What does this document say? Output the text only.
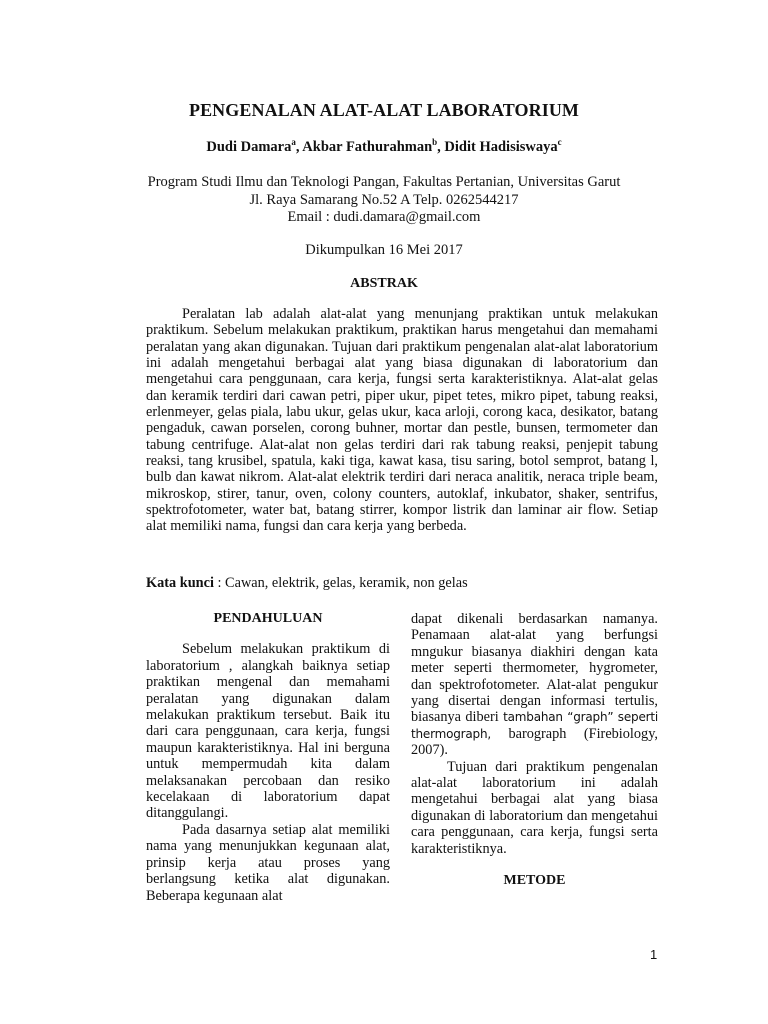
PENGENALAN ALAT-ALAT LABORATORIUM
Dudi Damara$^a$, Akbar Fathurahman$^b$, Didit Hadisiswaya$^c$
Program Studi Ilmu dan Teknologi Pangan, Fakultas Pertanian, Universitas Garut
Jl. Raya Samarang No.52 A Telp. 0262544217
Email : dudi.damara@gmail.com
Dikumpulkan 16 Mei 2017
ABSTRAK

Peralatan lab adalah alat-alat yang menunjang praktikan untuk melakukan praktikum. Sebelum melakukan praktikum, praktikan harus mengetahui dan memahami peralatan yang akan digunakan. Tujuan dari praktikum pengenalan alat-alat laboratorium ini adalah mengetahui berbagai alat yang biasa digunakan di laboratorium dan mengetahui cara penggunaan, cara kerja, fungsi serta karakteristiknya. Alat-alat gelas dan keramik terdiri dari cawan petri, piper ukur, pipet tetes, mikro pipet, tabung reaksi, erlenmeyer, gelas piala, labu ukur, gelas ukur, kaca arloji, corong kaca, desikator, batang pengaduk, cawan porselen, corong buhner, mortar dan pestle, bunsen, termometer dan tabung centrifuge. Alat-alat non gelas terdiri dari rak tabung reaksi, penjepit tabung reaksi, tang krusibel, spatula, kaki tiga, kawat kasa, tisu saring, botol semprot, batang l, bulb dan kawat nikrom. Alat-alat elektrik terdiri dari neraca analitik, neraca triple beam, mikroskop, stirer, tanur, oven, colony counters, autoklaf, inkubator, shaker, sentrifus, spektrofotometer, water bat, batang stirrer, kompor listrik dan laminar air flow. Setiap alat memiliki nama, fungsi dan cara kerja yang berbeda.

Kata kunci : Cawan, elektrik, gelas, keramik, non gelas
PENDAHULUAN

Sebelum melakukan praktikum di laboratorium , alangkah baiknya setiap praktikan mengenal dan memahami peralatan yang digunakan dalam melakukan praktikum tersebut. Baik itu dari cara penggunaan, cara kerja, fungsi maupun karakteristiknya. Hal ini berguna untuk mempermudah kita dalam melaksanakan percobaan dan resiko kecelakaan di laboratorium dapat ditanggulangi.

Pada dasarnya setiap alat memiliki nama yang menunjukkan kegunaan alat, prinsip kerja atau proses yang berlangsung ketika alat digunakan. Beberapa kegunaan alat

dapat dikenali berdasarkan namanya. Penamaan alat-alat yang berfungsi mngukur biasanya diakhiri dengan kata meter seperti thermometer, hygrometer, dan spektrofotometer. Alat-alat pengukur yang disertai dengan informasi tertulis, biasanya diberi tambahan “graph” seperti thermograph, barograph (Firebiology, 2007).

Tujuan dari praktikum pengenalan alat-alat laboratorium ini adalah mengetahui berbagai alat yang biasa digunakan di laboratorium dan mengetahui cara penggunaan, cara kerja, fungsi serta karakteristiknya.

METODE
1
